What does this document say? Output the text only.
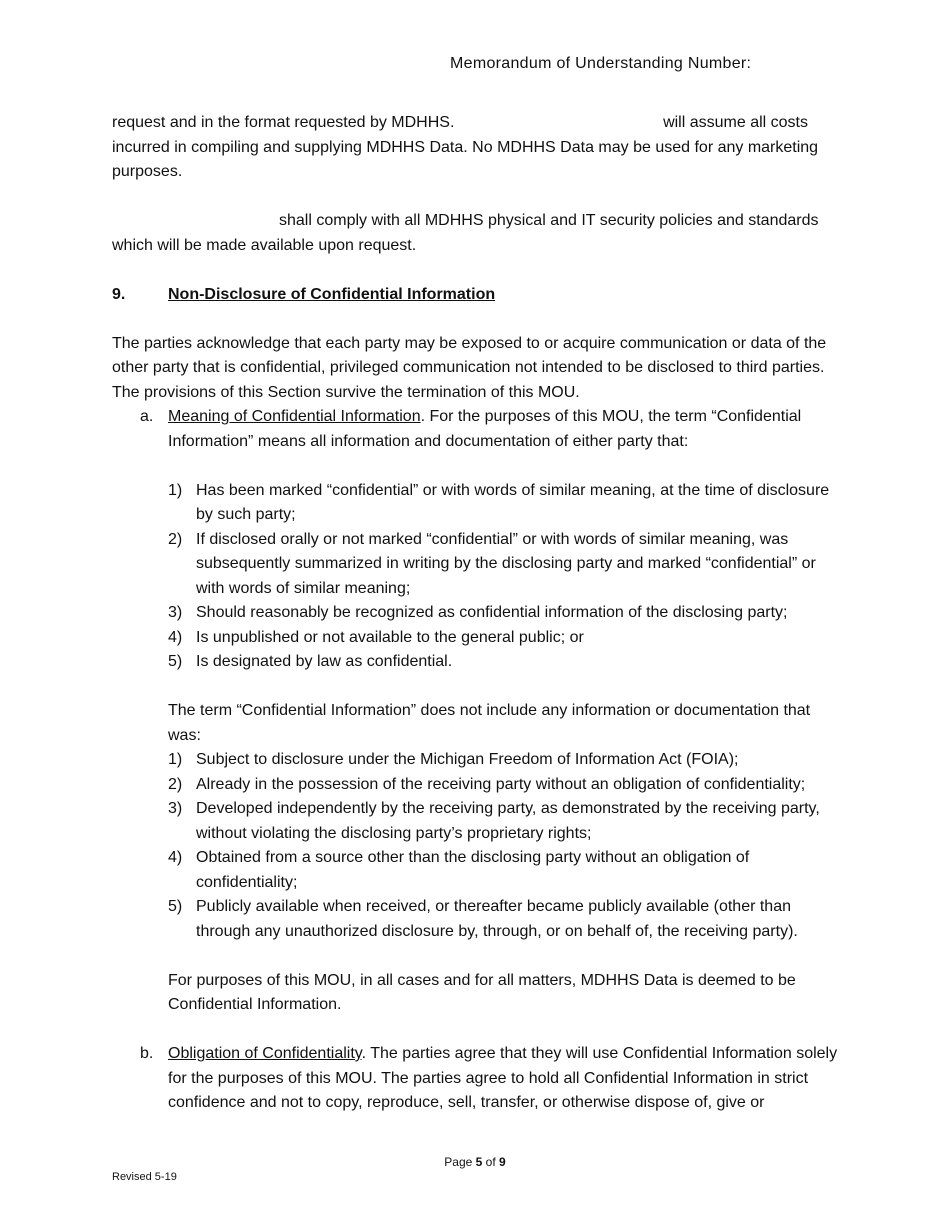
Memorandum of Understanding Number:
request and in the format requested by MDHHS.	will assume all costs

incurred in compiling and supplying MDHHS Data. No MDHHS Data may be used for any marketing purposes.

shall comply with all MDHHS physical and IT security policies and standards

which will be made available upon request.

9.	Non-Disclosure of Confidential Information

The parties acknowledge that each party may be exposed to or acquire communication or data of the other party that is confidential, privileged communication not intended to be disclosed to third parties. The provisions of this Section survive the termination of this MOU.

a. Meaning of Confidential Information. For the purposes of this MOU, the term “Confidential Information” means all information and documentation of either party that:

1) Has been marked “confidential” or with words of similar meaning, at the time of disclosure by such party;
2) If disclosed orally or not marked “confidential” or with words of similar meaning, was subsequently summarized in writing by the disclosing party and marked “confidential” or with words of similar meaning;
3) Should reasonably be recognized as confidential information of the disclosing party;
4) Is unpublished or not available to the general public; or
5) Is designated by law as confidential.

The term “Confidential Information” does not include any information or documentation that was:

1) Subject to disclosure under the Michigan Freedom of Information Act (FOIA);
2) Already in the possession of the receiving party without an obligation of confidentiality;
3) Developed independently by the receiving party, as demonstrated by the receiving party, without violating the disclosing party’s proprietary rights;
4) Obtained from a source other than the disclosing party without an obligation of confidentiality;
5) Publicly available when received, or thereafter became publicly available (other than through any unauthorized disclosure by, through, or on behalf of, the receiving party).

For purposes of this MOU, in all cases and for all matters, MDHHS Data is deemed to be Confidential Information.

b. Obligation of Confidentiality. The parties agree that they will use Confidential Information solely for the purposes of this MOU. The parties agree to hold all Confidential Information in strict confidence and not to copy, reproduce, sell, transfer, or otherwise dispose of, give or

Page 5 of 9
Revised 5-19
